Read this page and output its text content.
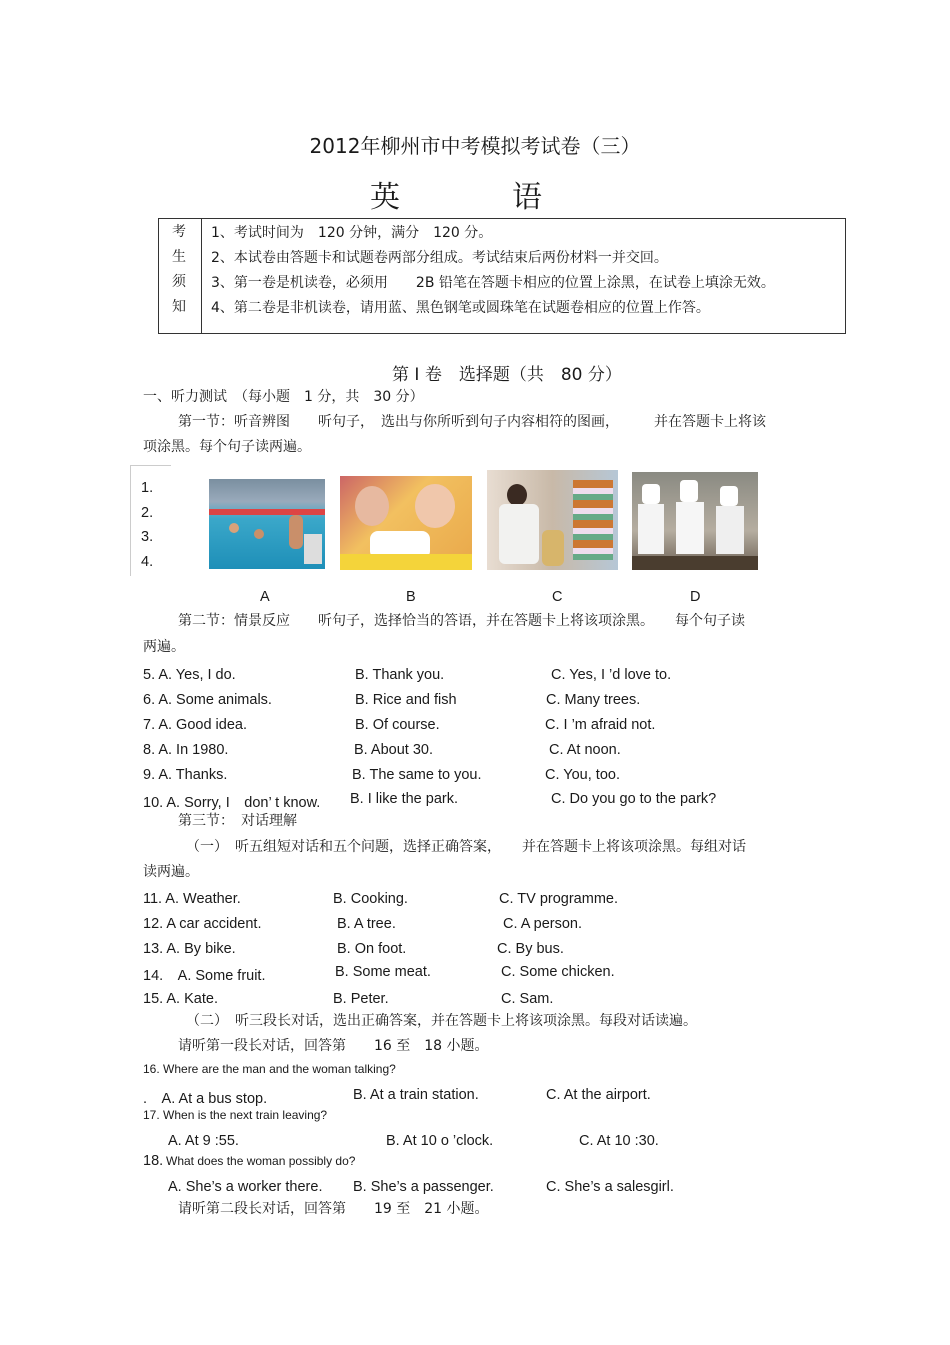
2012年柳州市中考模拟考试卷（三）
英	语
考
生
须
知
1、考试时间为　120 分钟，满分　120 分。
2、本试卷由答题卡和试题卷两部分组成。考试结束后两份材料一并交回。
3、第一卷是机读卷，必须用　　2B 铅笔在答题卡相应的位置上涂黑，在试卷上填涂无效。
4、第二卷是非机读卷，请用蓝、黑色钢笔或圆珠笔在试题卷相应的位置上作答。
第 I 卷　选择题（共　80 分）
一、听力测试　（每小题　1 分，共　30 分）
第一节：听音辨图　　听句子，　选出与你所听到句子内容相符的图画，　　　并在答题卡上将该
项涂黑。每个句子读两遍。
1.
2.
3.
4.
A	B	C	D
第二节：情景反应　　听句子，选择恰当的答语，并在答题卡上将该项涂黑。　　每个句子读
两遍。
5. A. Yes, I do.	B. Thank you.	C. Yes, I ’d love to.
6. A. Some animals.	B. Rice and fish	C. Many trees.
7. A. Good idea.	B. Of course.	C. I ’m afraid not.
8. A. In 1980.	B. About 30.	C. At noon.
9. A. Thanks.	B. The same to you.	C. You, too.
10. A. Sorry, I　don’ t know. B. I like the park.	C. Do you go to the park?
第三节：　对话理解
（一）　听五组短对话和五个问题，选择正确答案，　　并在答题卡上将该项涂黑。每组对话
读两遍。
11. A. Weather.	B. Cooking.	C. TV programme.
12. A car accident.	B. A tree.	C. A person.
13. A. By bike.	B. On foot.	C. By bus.
14.　A. Some fruit.	B. Some meat.	C. Some chicken.
15. A. Kate.	B. Peter.	C. Sam.
（二）　听三段长对话，选出正确答案，并在答题卡上将该项涂黑。每段对话读遍。
请听第一段长对话，回答第　　16 至　18 小题。
16. Where are the man and the woman talking?
.　A. At a bus stop.	B. At a train station.	C. At the airport.
17. When is the next train leaving?
A. At 9 :55.	B. At 10 o ’clock.	C. At 10 :30.
18. What does the woman possibly do?
A. She’s a worker there. B. She’s a passenger.	C. She’s a salesgirl.
请听第二段长对话，回答第　　19 至　21 小题。
